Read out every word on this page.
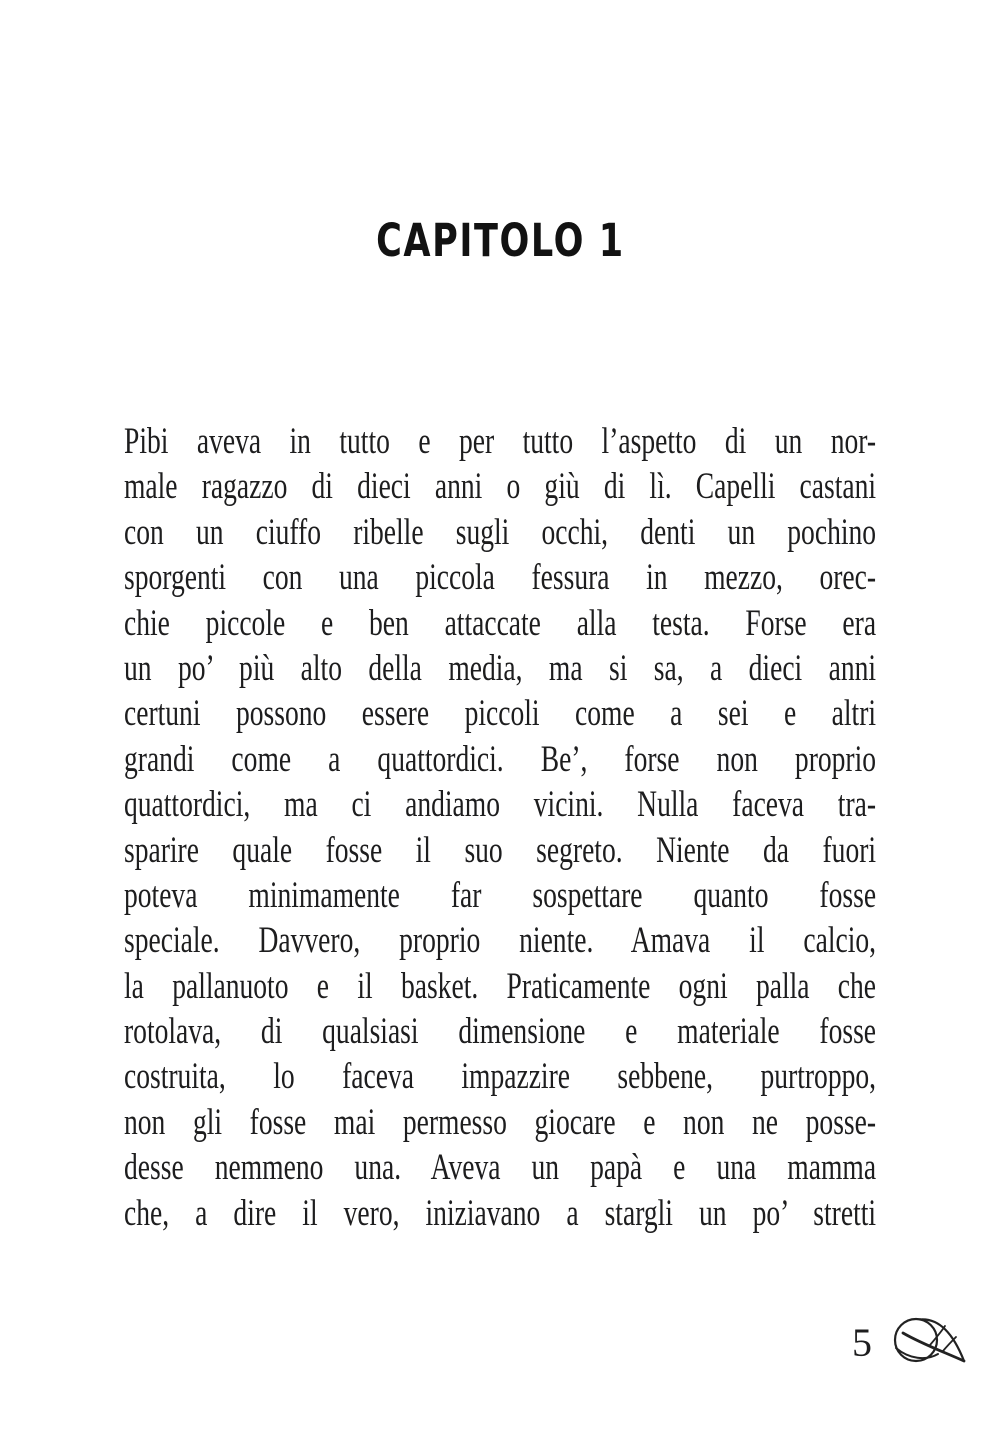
CAPITOLO 1
Pibi aveva in tutto e per tutto l’aspetto di un nor-
male ragazzo di dieci anni o giù di lì. Capelli castani
con un ciuffo ribelle sugli occhi, denti un pochino
sporgenti con una piccola fessura in mezzo, orec-
chie piccole e ben attaccate alla testa. Forse era
un po’ più alto della media, ma si sa, a dieci anni
certuni possono essere piccoli come a sei e altri
grandi come a quattordici. Be’, forse non proprio
quattordici, ma ci andiamo vicini. Nulla faceva tra-
sparire quale fosse il suo segreto. Niente da fuori
poteva minimamente far sospettare quanto fosse
speciale. Davvero, proprio niente. Amava il calcio,
la pallanuoto e il basket. Praticamente ogni palla che
rotolava, di qualsiasi dimensione e materiale fosse
costruita, lo faceva impazzire sebbene, purtroppo,
non gli fosse mai permesso giocare e non ne posse-
desse nemmeno una. Aveva un papà e una mamma
che, a dire il vero, iniziavano a stargli un po’ stretti
5
